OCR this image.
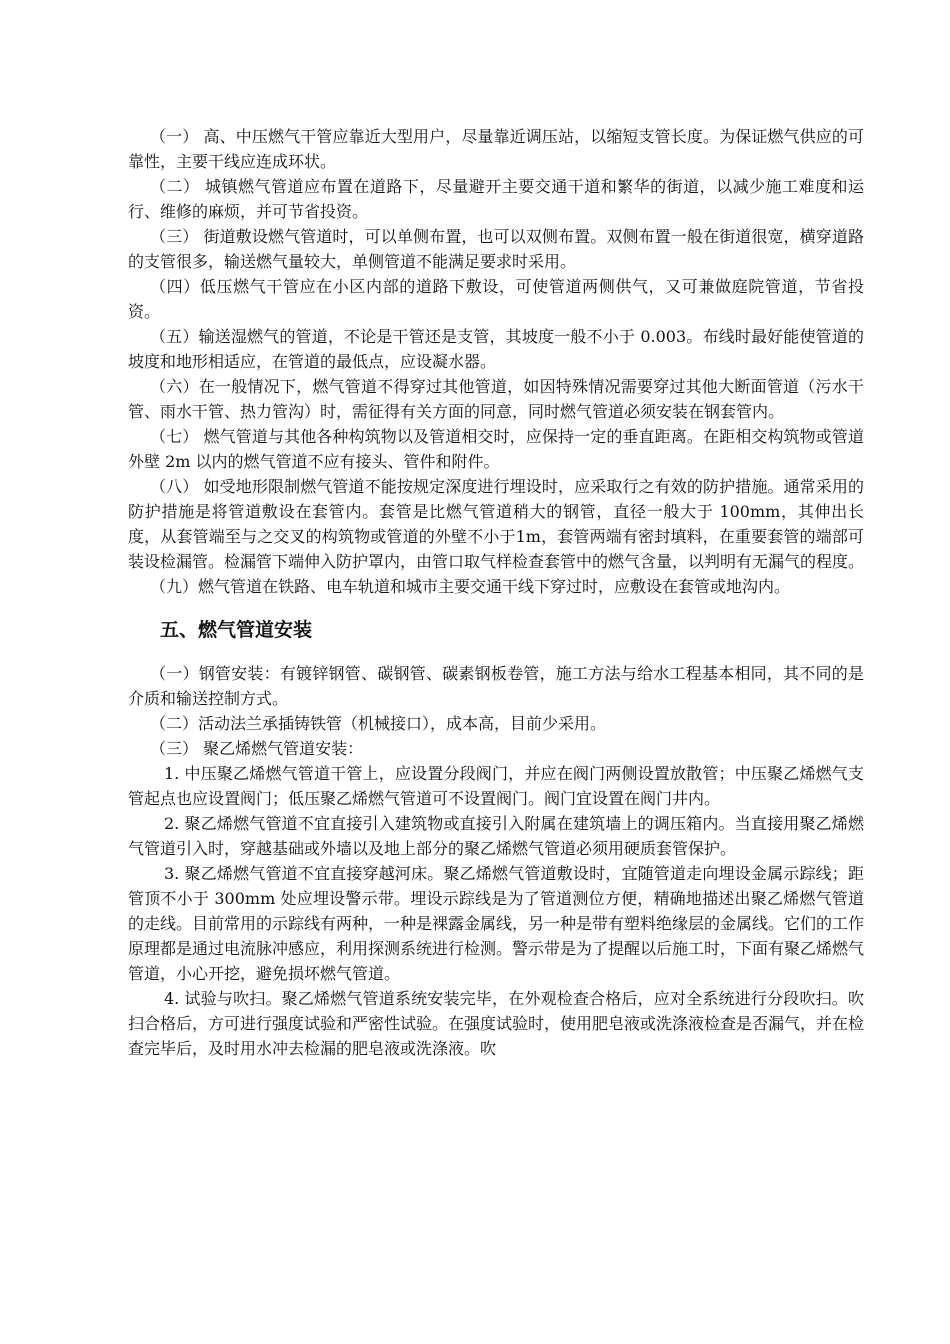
（一） 高、中压燃气干管应靠近大型用户，尽量靠近调压站，以缩短支管长度。为保证燃气供应的可靠性，主要干线应连成环状。

（二） 城镇燃气管道应布置在道路下，尽量避开主要交通干道和繁华的街道，以减少施工难度和运行、维修的麻烦，并可节省投资。

（三） 街道敷设燃气管道时，可以单侧布置，也可以双侧布置。双侧布置一般在街道很宽，横穿道路的支管很多，输送燃气量较大，单侧管道不能满足要求时采用。

（四）低压燃气干管应在小区内部的道路下敷设，可使管道两侧供气，又可兼做庭院管道，节省投资。

（五）输送湿燃气的管道，不论是干管还是支管，其坡度一般不小于 0.003。布线时最好能使管道的坡度和地形相适应，在管道的最低点，应设凝水器。

（六）在一般情况下，燃气管道不得穿过其他管道，如因特殊情况需要穿过其他大断面管道（污水干管、雨水干管、热力管沟）时，需征得有关方面的同意，同时燃气管道必须安装在钢套管内。

（七） 燃气管道与其他各种构筑物以及管道相交时，应保持一定的垂直距离。在距相交构筑物或管道外壁 2m 以内的燃气管道不应有接头、管件和附件。

（八） 如受地形限制燃气管道不能按规定深度进行埋设时，应采取行之有效的防护措施。通常采用的防护措施是将管道敷设在套管内。套管是比燃气管道稍大的钢管，直径一般大于 100mm，其伸出长度，从套管端至与之交叉的构筑物或管道的外壁不小于1m，套管两端有密封填料，在重要套管的端部可装设检漏管。检漏管下端伸入防护罩内，由管口取气样检查套管中的燃气含量，以判明有无漏气的程度。

（九）燃气管道在铁路、电车轨道和城市主要交通干线下穿过时，应敷设在套管或地沟内。

五、燃气管道安装

（一）钢管安装：有镀锌钢管、碳钢管、碳素钢板卷管，施工方法与给水工程基本相同，其不同的是介质和输送控制方式。

（二）活动法兰承插铸铁管（机械接口），成本高，目前少采用。

（三） 聚乙烯燃气管道安装：

1. 中压聚乙烯燃气管道干管上，应设置分段阀门，并应在阀门两侧设置放散管；中压聚乙烯燃气支管起点也应设置阀门；低压聚乙烯燃气管道可不设置阀门。阀门宜设置在阀门井内。

2. 聚乙烯燃气管道不宜直接引入建筑物或直接引入附属在建筑墙上的调压箱内。当直接用聚乙烯燃气管道引入时，穿越基础或外墙以及地上部分的聚乙烯燃气管道必须用硬质套管保护。

3. 聚乙烯燃气管道不宜直接穿越河床。聚乙烯燃气管道敷设时，宜随管道走向埋设金属示踪线；距管顶不小于 300mm 处应埋设警示带。埋设示踪线是为了管道测位方便，精确地描述出聚乙烯燃气管道的走线。目前常用的示踪线有两种，一种是裸露金属线，另一种是带有塑料绝缘层的金属线。它们的工作原理都是通过电流脉冲感应，利用探测系统进行检测。警示带是为了提醒以后施工时，下面有聚乙烯燃气管道，小心开挖，避免损坏燃气管道。

4. 试验与吹扫。聚乙烯燃气管道系统安装完毕，在外观检查合格后，应对全系统进行分段吹扫。吹扫合格后，方可进行强度试验和严密性试验。在强度试验时，使用肥皂液或洗涤液检查是否漏气，并在检查完毕后，及时用水冲去检漏的肥皂液或洗涤液。吹
